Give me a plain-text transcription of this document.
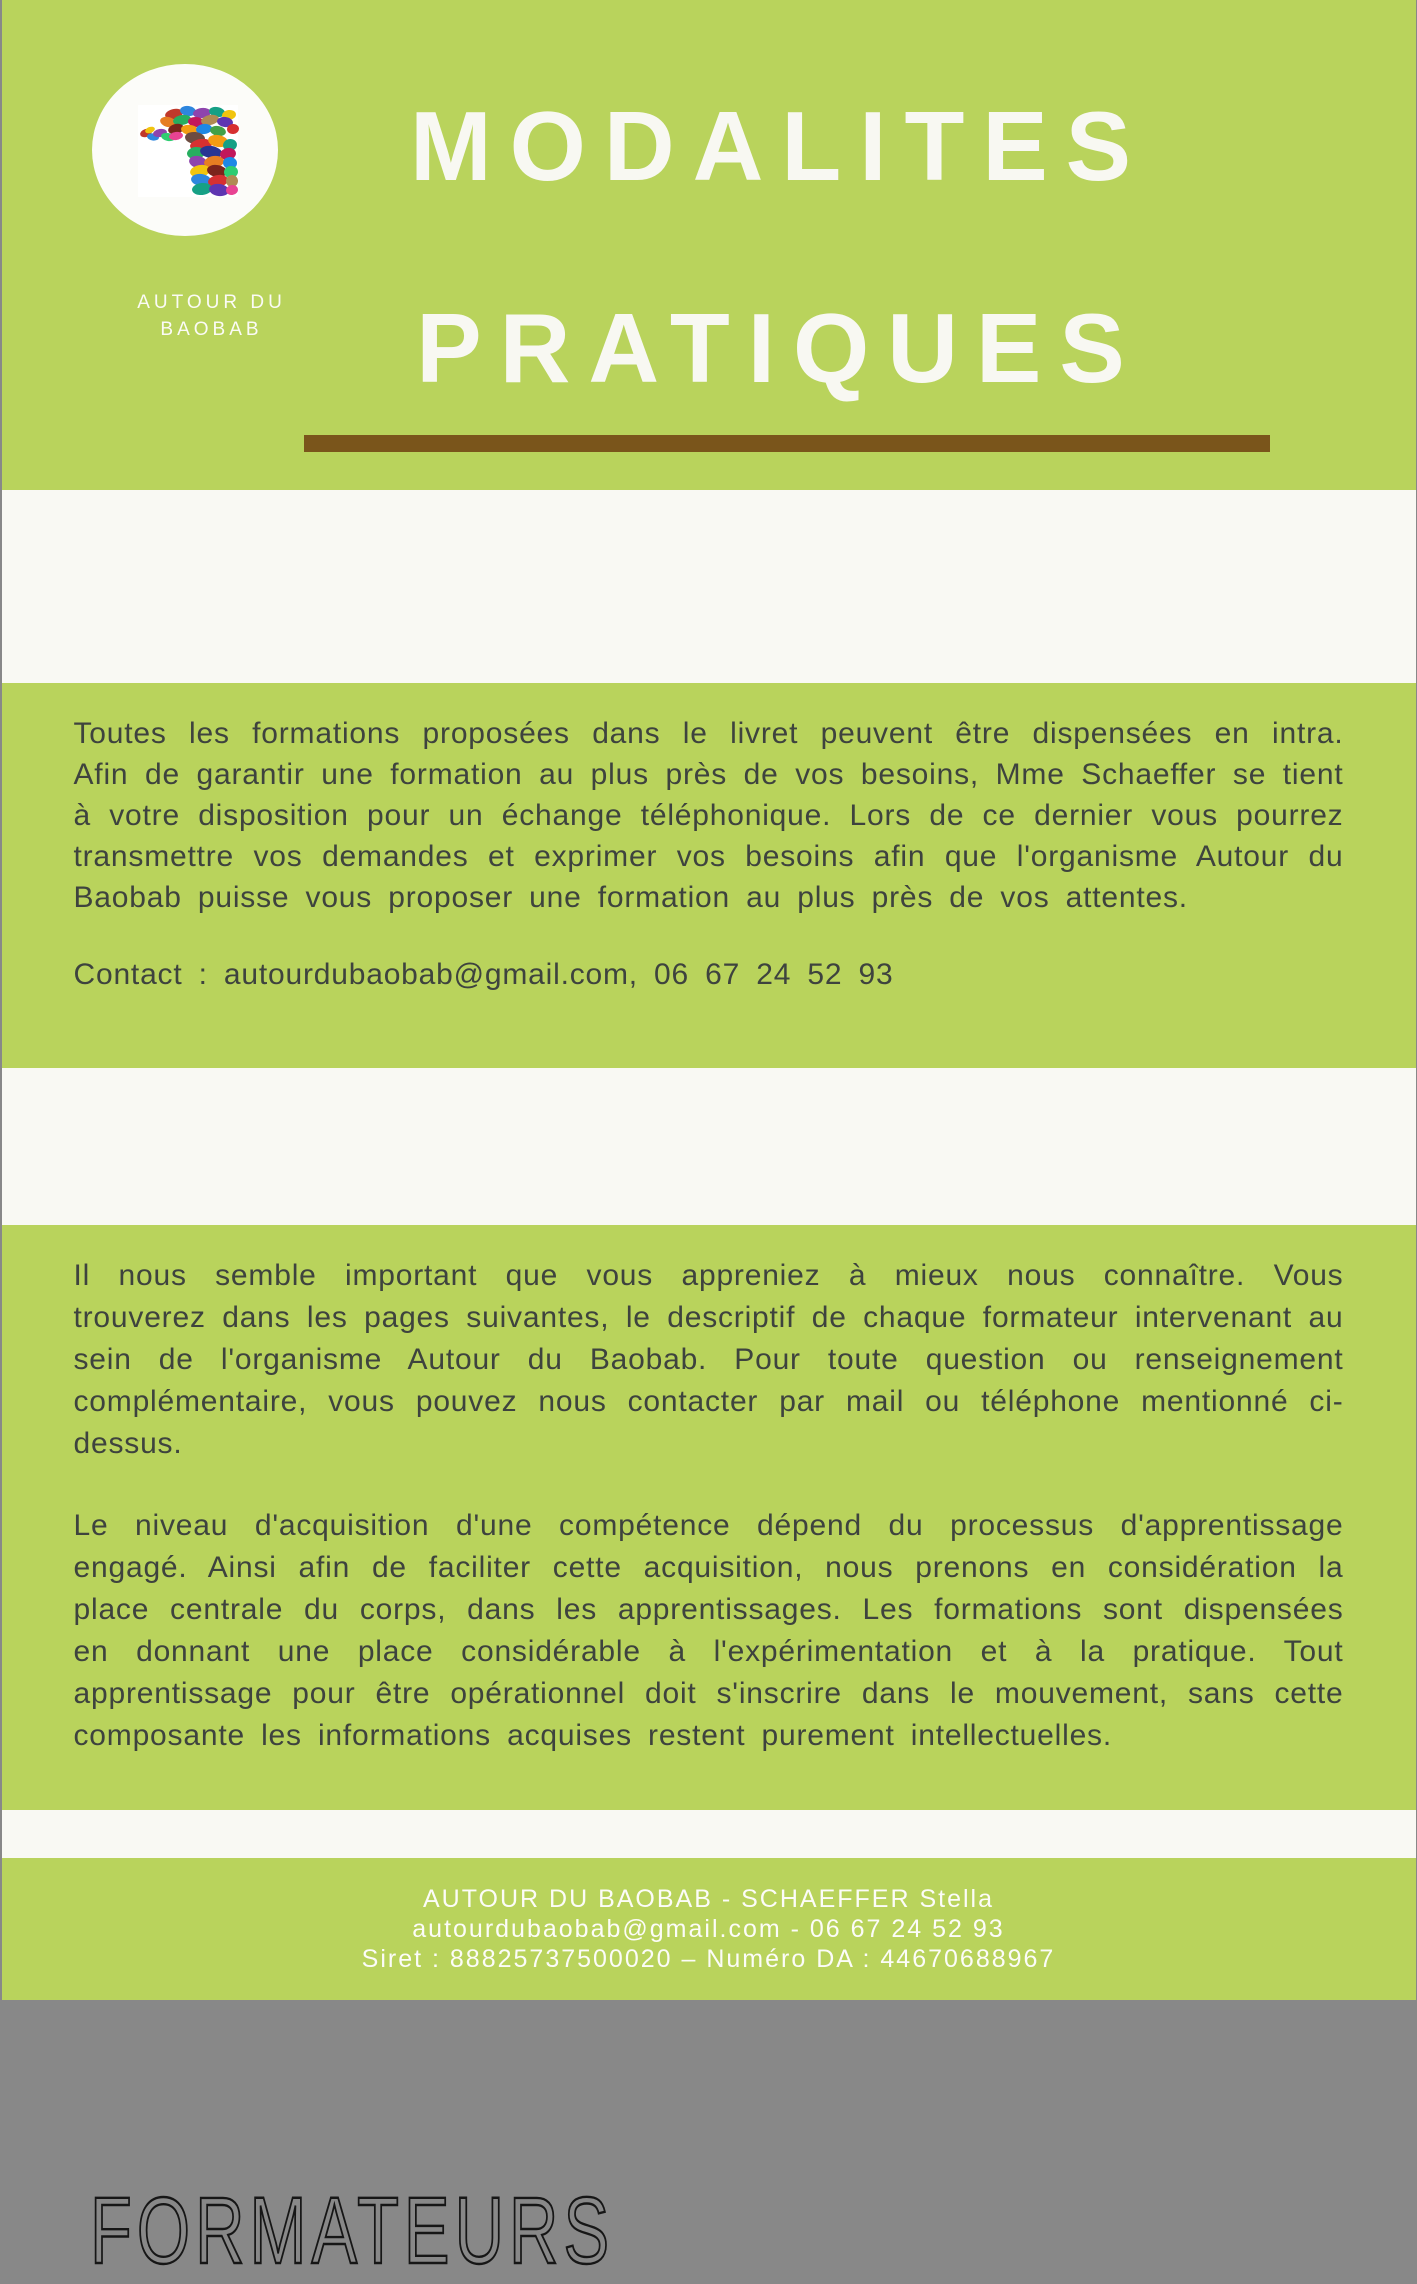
AUTOUR DU
BAOBAB
MODALITES
PRATIQUES

Toutes les formations proposées dans le livret peuvent être dispensées en intra. Afin de garantir une formation au plus près de vos besoins, Mme Schaeffer se tient à votre disposition pour un échange téléphonique. Lors de ce dernier vous pourrez transmettre vos demandes et exprimer vos besoins afin que l'organisme Autour du Baobab puisse vous proposer une formation au plus près de vos attentes.

Contact : autourdubaobab@gmail.com, 06 67 24 52 93

FORMATEURS

Il nous semble important que vous appreniez à mieux nous connaître. Vous trouverez dans les pages suivantes, le descriptif de chaque formateur intervenant au sein de l'organisme Autour du Baobab. Pour toute question ou renseignement complémentaire, vous pouvez nous contacter par mail ou téléphone mentionné ci-dessus.

Le niveau d'acquisition d'une compétence dépend du processus d'apprentissage engagé. Ainsi afin de faciliter cette acquisition, nous prenons en considération la place centrale du corps, dans les apprentissages. Les formations sont dispensées en donnant une place considérable à l'expérimentation et à la pratique. Tout apprentissage pour être opérationnel doit s'inscrire dans le mouvement, sans cette composante les informations acquises restent purement intellectuelles.

AUTOUR DU BAOBAB - SCHAEFFER Stella
autourdubaobab@gmail.com - 06 67 24 52 93
Siret : 88825737500020 – Numéro DA : 44670688967
